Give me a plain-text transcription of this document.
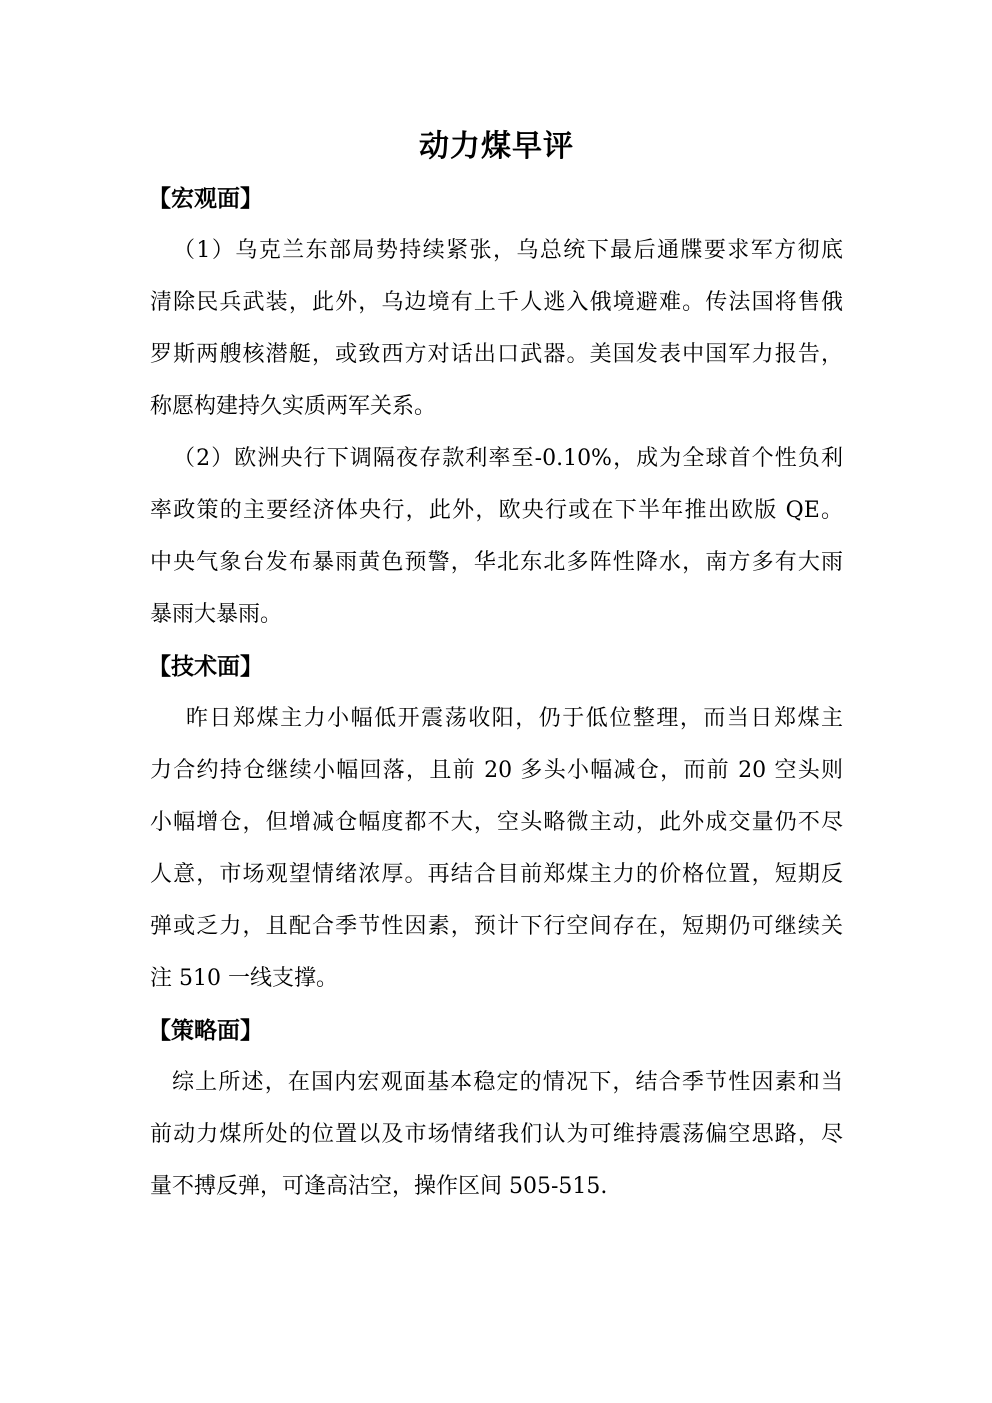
动力煤早评
【宏观面】
（1）乌克兰东部局势持续紧张，乌总统下最后通牒要求军方彻底
清除民兵武装，此外，乌边境有上千人逃入俄境避难。传法国将售俄
罗斯两艘核潜艇，或致西方对话出口武器。美国发表中国军力报告，
称愿构建持久实质两军关系。
（2）欧洲央行下调隔夜存款利率至-0.10%，成为全球首个性负利
率政策的主要经济体央行，此外，欧央行或在下半年推出欧版 QE。
中央气象台发布暴雨黄色预警，华北东北多阵性降水，南方多有大雨
暴雨大暴雨。
【技术面】
昨日郑煤主力小幅低开震荡收阳，仍于低位整理，而当日郑煤主
力合约持仓继续小幅回落，且前 20 多头小幅减仓，而前 20 空头则
小幅增仓，但增减仓幅度都不大，空头略微主动，此外成交量仍不尽
人意，市场观望情绪浓厚。再结合目前郑煤主力的价格位置，短期反
弹或乏力，且配合季节性因素，预计下行空间存在，短期仍可继续关
注 510 一线支撑。
【策略面】
综上所述，在国内宏观面基本稳定的情况下，结合季节性因素和当
前动力煤所处的位置以及市场情绪我们认为可维持震荡偏空思路，尽
量不搏反弹，可逢高沽空，操作区间 505-515.
